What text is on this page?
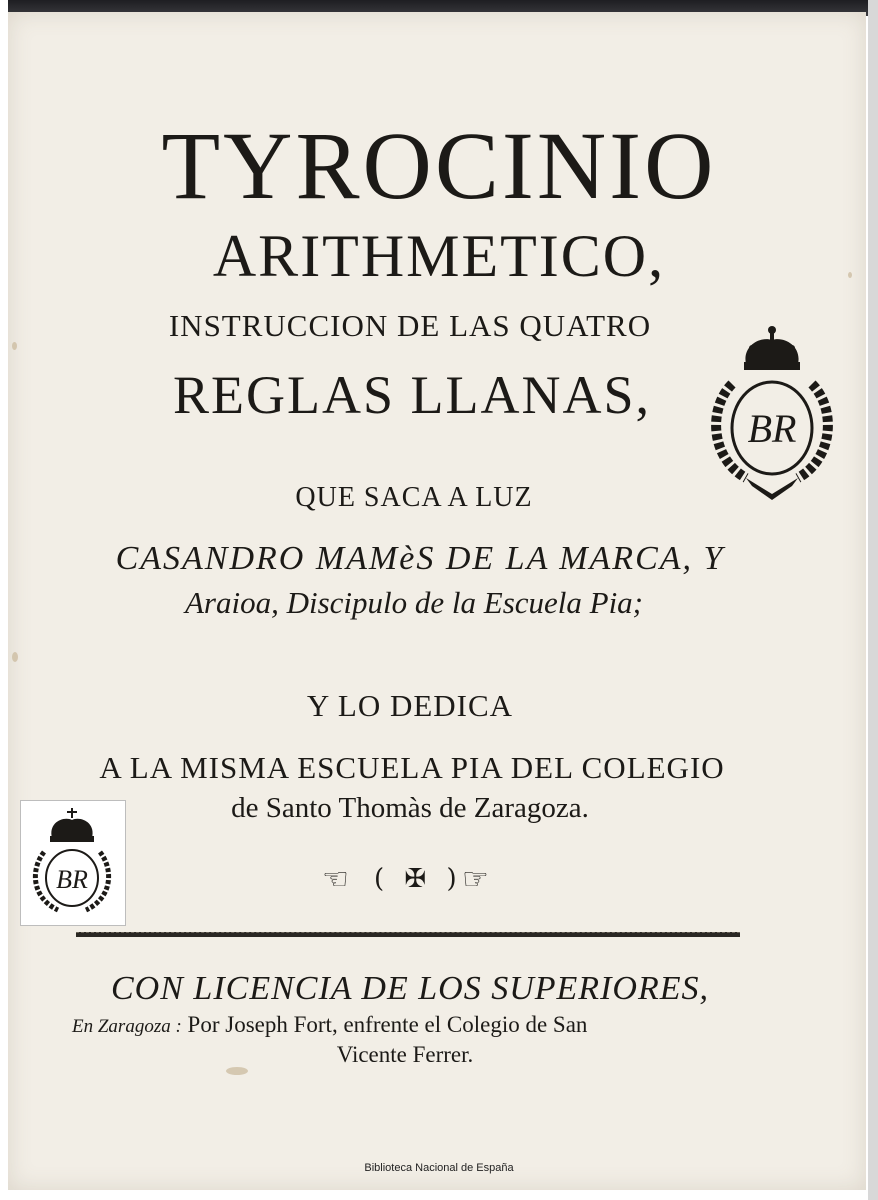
TYROCINIO
ARITHMETICO,
INSTRUCCION DE LAS QUATRO
REGLAS LLANAS,
QUE SACA A LUZ
CASANDRO MAMèS DE LA MARCA, Y
Araioa, Discipulo de la Escuela Pia;
Y LO DEDICA
A LA MISMA ESCUELA PIA DEL COLEGIO
de Santo Thomàs de Zaragoza.
☜ ( ✠ ) ☞
CON LICENCIA DE LOS SUPERIORES,
En Zaragoza : Por Joseph Fort, enfrente el Colegio de San
Vicente Ferrer.
BR
BR
Biblioteca Nacional de España
